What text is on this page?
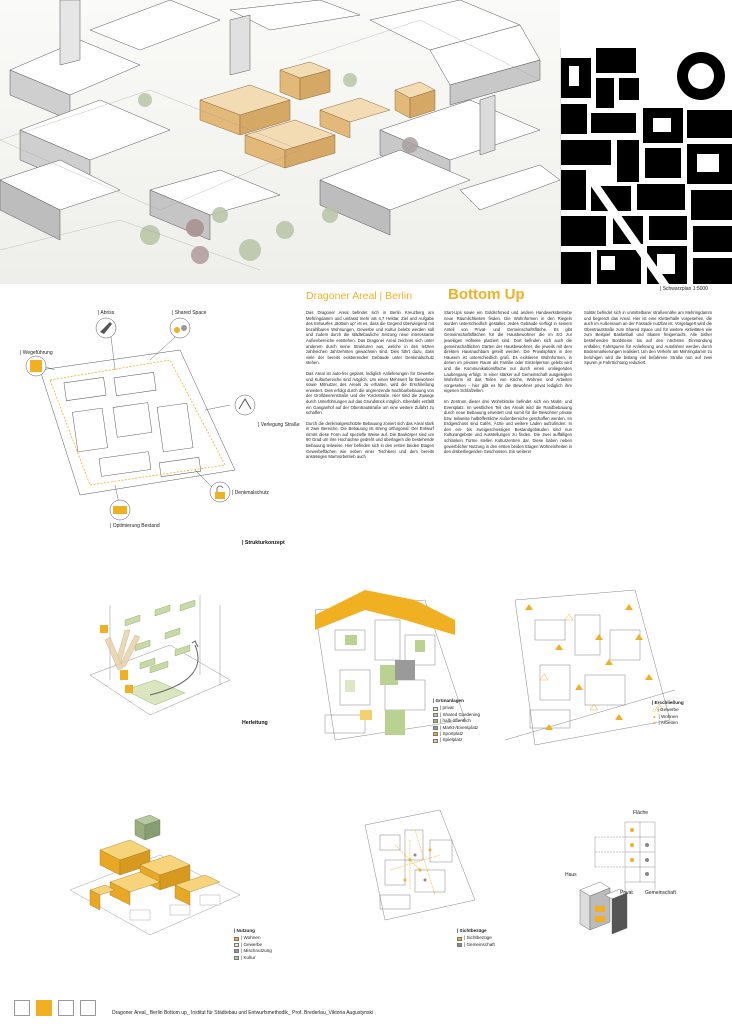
| Schwarzplan 1:5000
Dragoner Areal | Berlin Bottom Up
| Abriss	| Shared Space
| Wegeführung
| Verlegung Straße
| Denkmalschutz
| Optimierung Bestand
| Strukturkonzept

Das Dragoner Areal befindet sich in Berlin Kreuzberg am Mehringdamm und umfasst mehr als 4,7 Hektar. Ziel und Aufgabe des Entwurfes „Bottom up" ist es, dass die Gegend überwiegend mit bezahlbaren Wohnungen, Gewerbe und Kultur belebt werden soll und zudem durch die städtebauliche Setzung neue interessante Außenbereiche entstehen. Das Dragoner Areal zeichnet sich unter anderem durch seine Strukturen aus, welche in den letzten zahlreichen Jahrzehnten gewachsen sind. Dies führt dazu, dass viele der bereits existierenden Gebäude unter Denkmalschutz stehen.

Das Areal ist auto-frei geplant, lediglich Anlieferungen für Gewerbe und Kulturbereiche sind möglich. Um einen Mehrwert für Bewohner sowie Mitnutzer des Areals zu erhalten, wird die Erschließung erweitert. Dies erfolgt durch die angrenzende Nachbarbebauung von der Großbeerenstraße und der Yorckstraße. Hier sind die Zuwege durch Unterführungen auf das Grundstück möglich. Ebenfalls entfällt ein Ganganhof auf der Obentrautstraße um eine weitere Zufahrt zu schaffen.

Durch die denkmalgeschützte Bebauung zoniert sich das Areal stark in zwei Bereiche. Die Bebauung ist streng orthogonal. Der Entwurf nimmt diese Form auf spezielle Weise auf. Die Baukörper sind um 90 Grad um ihre Hochachse gedreht und überlagern die bestehende Bebauung teilweise. Hier befinden sich in den ersten beiden Etagen Gewerbeflächen wie neben einer Tischlerei und dem bereits ansässigen Marmorbetrieb auch

Start-Ups sowie ein Goldschmied und andere Handwerksbetriebe neue Räumlichkeiten finden. Die Wohnformen in den Riegeln wurden unterschiedlich gestaltet. Jedes Gebäude verfügt in seinem Anteil von Privat- und Gemeinschaftsfläche. Es gibt Gemeinschaftsflächen für die Hausbewohner die im EG zur jeweiligen Hofseite platziert sind. Dort befinden sich auch die gemeinschaftlichen Gärten der Hausbewohner, die jeweils mit dem direkten Hausnachbarn geteilt werden. Die Privatsphäre in den Häusern ist unterschiedlich groß. Es existieren Wohnformen, in denen im privaten Raum als Familie oder Einzelperson gelebt wird und die Kommunikationsfläche nur durch einen umliegenden Laubengang erfolgt. In einer stärker auf Gemeinschaft ausgelegten Wohnform ist das Teilen von Küche, Wohnen und Arbeiten vorgesehen - hier gibt es für die Bewohner privat lediglich ihre eigenen Schlafzellen.

Im Zentrum dieser drei Wohnblöcke befindet sich ein Markt- und Eventplatz. Im westlichen Teil des Areals wird die Randbebauung durch neue Bebauung erweitert und somit für die Bewohner private bzw. teilweise halböffentliche Außenbereiche geschaffen werden. Im Erdgeschoss sind Cafés, Ärzte und weitere Läden aufzufinden. In den ein- bis zweigeschossigen Bestandgebäuden sind nun Kulturangebote und Ausstellungen zu finden. Die zwei auffälligen schlanken Türme stellen Kulturzentren dar. Diese haben neben gewerblicher Nutzung in den ersten beiden Etagen Wohneinheiten in den drüberliegenden Geschossen. Ein weiterer

Solitär befindet sich in unmittelbarer straßennähe am Mehringdamm und begrenzt das Areal. Hier ist eine Kletterhalle vorgesehen, die auch im Außenraum an der Fassade nutzbar ist. Vorgelagert wird die Obentrautstraße zum Shared Space und für weitere Aktivitäten wie zum Beispiel Basketball und Skaten freigemacht. Alle bisher bestehenden Bordsteine bis auf den nächsten Einmündung entfallen, Fahrspuren für Anlieferung und Autofahrer werden durch Bodenmarkierungen realisiert. Um den Verkehr am Mehringdamm zu beruhigen wird die bislang viel befahrene Straße nun auf zwei Spuren je Fahrtrichtung reduziert.

Herleitung
| Grünanlagen
| privat
| Shared Gardening
| halb-öffentlich
| Markt-/Eventplatz
| Sportplatz
| Spielplatz
| Erschließung
△ | Gewerbe
▲ | Wohnen
▲ | Arbeiten
| Nutzung
| Wohnen
| Gewerbe
| Mischnutzung
| Kultur
| Sichtbezüge
| Sichtbezüge
| Gemeinschaft
Fläche
Haus
Privat Gemeinschaft
Dragoner Areal_ Berlin Bottom up_ Institut für Städtebau und Entwurfsmethodik_ Prof. Brederlau_Viktoria Augustynski
